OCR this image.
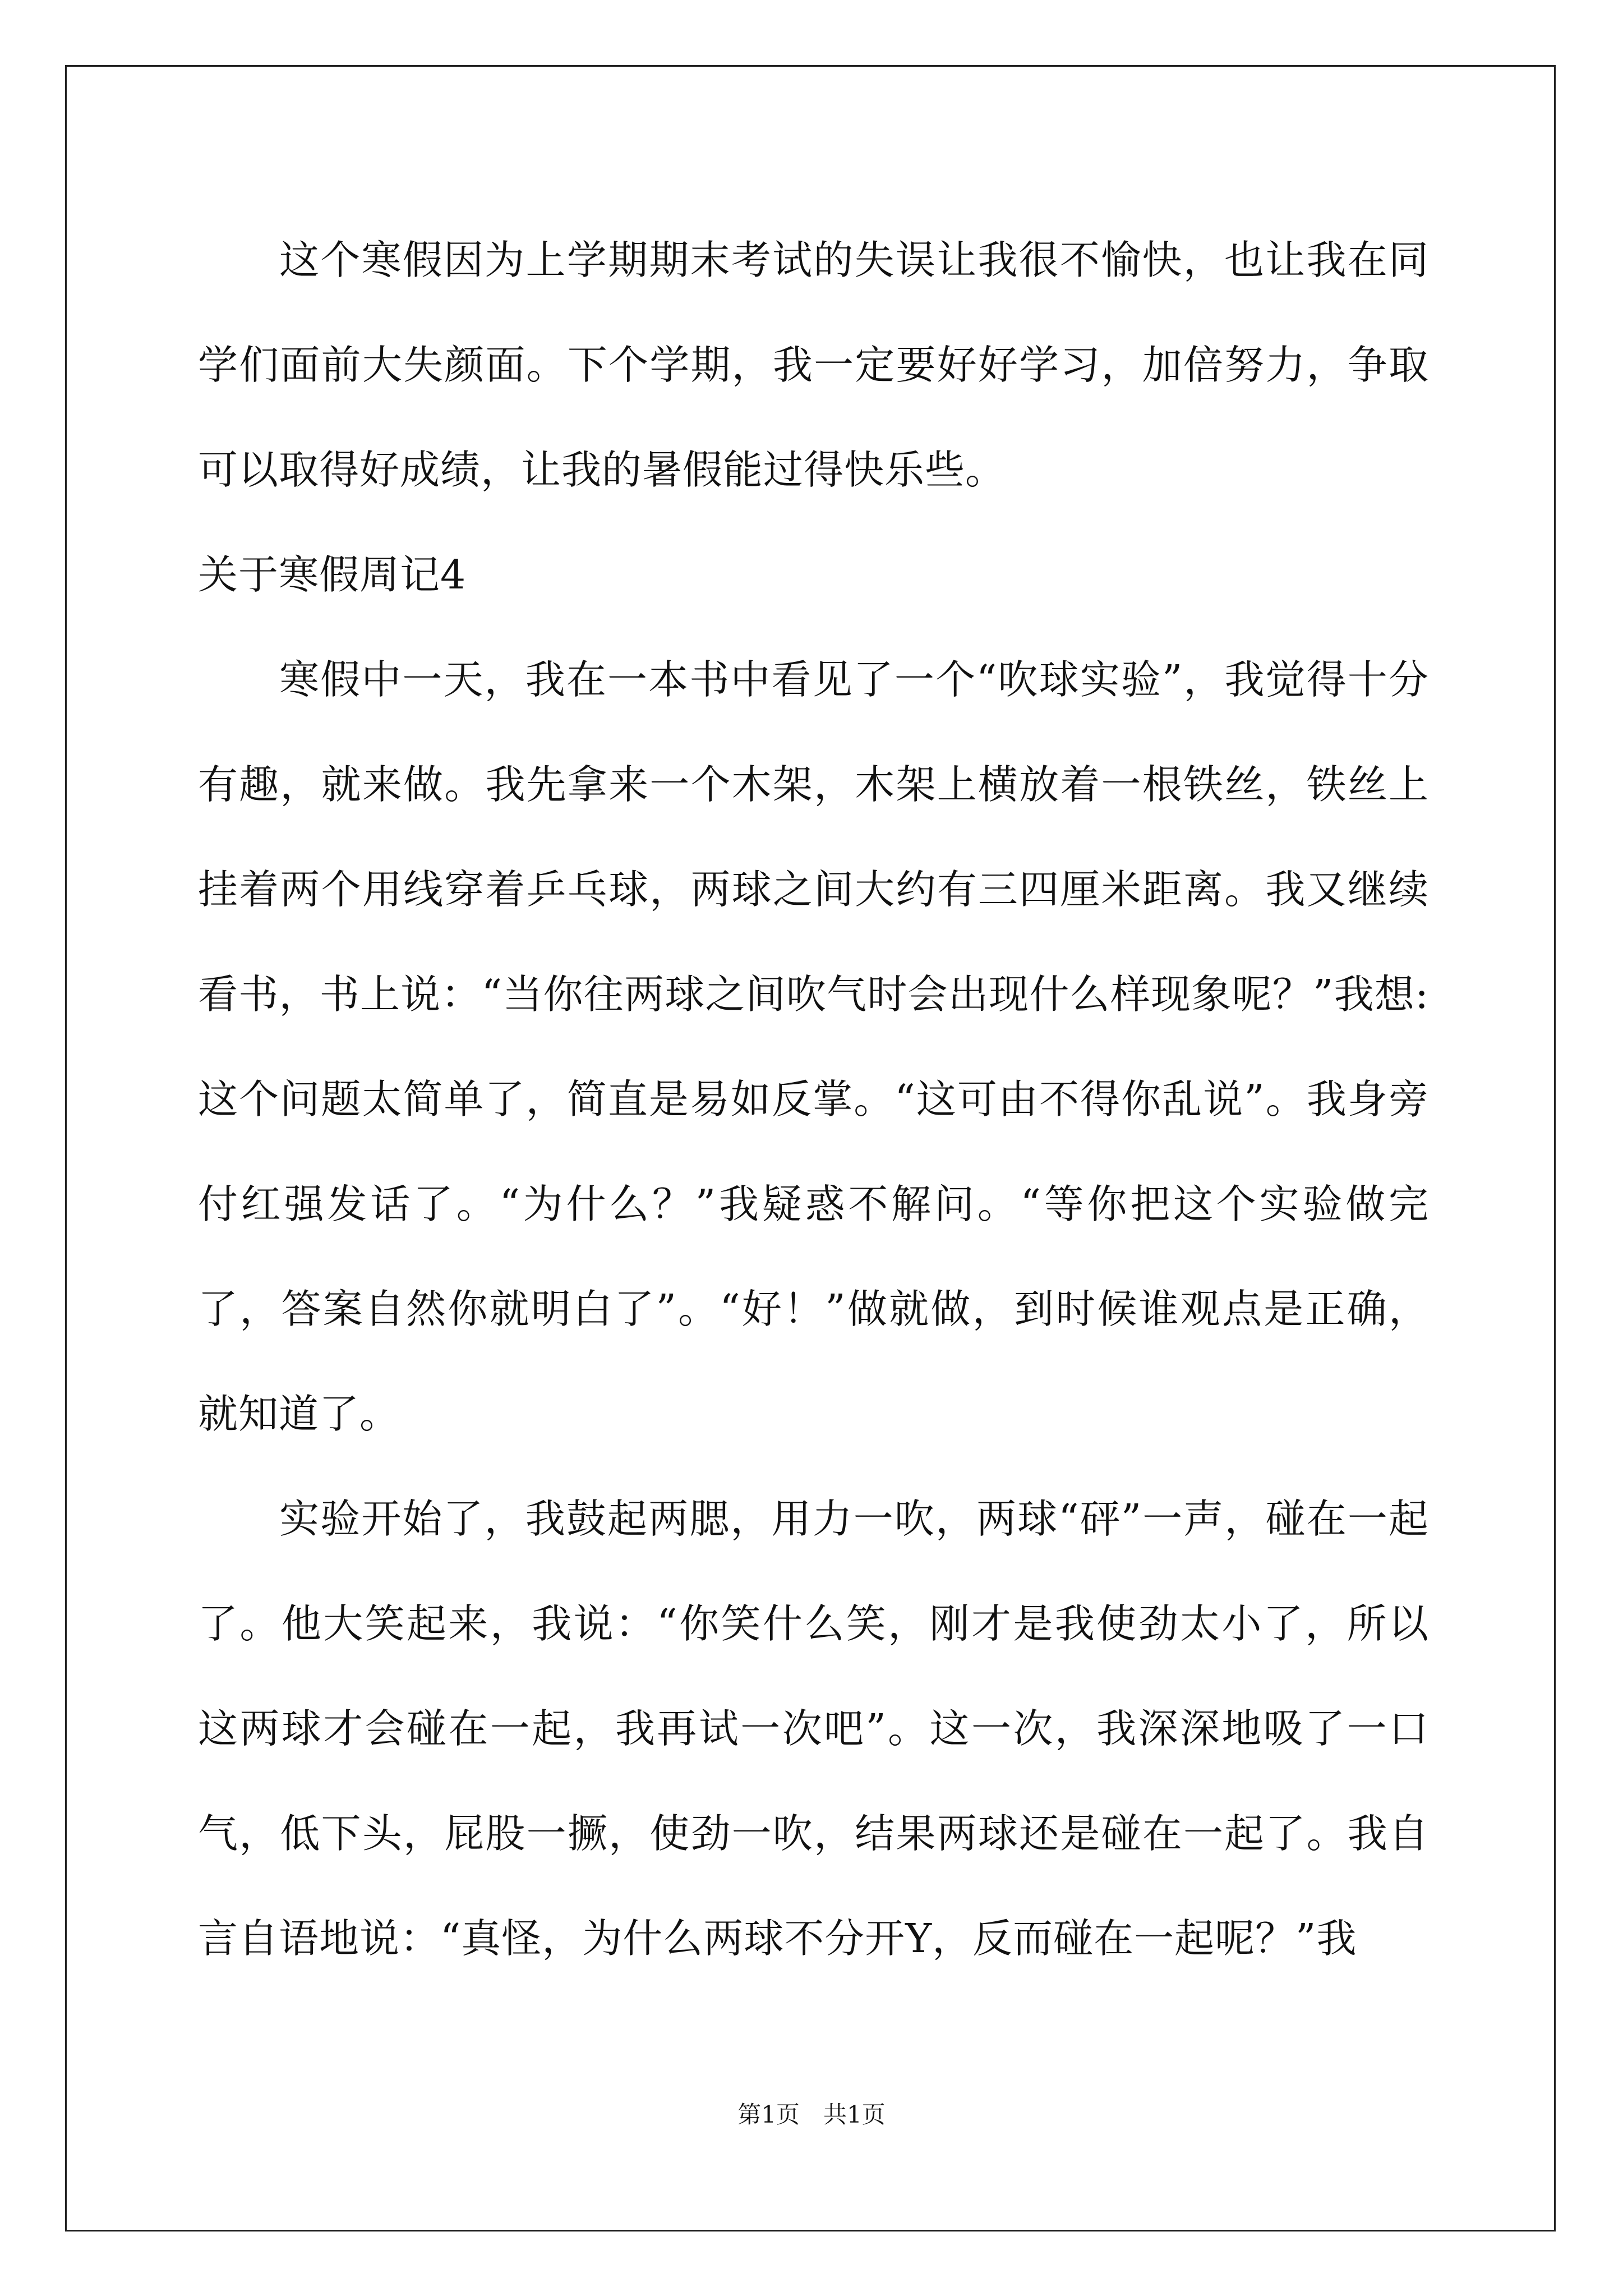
这个寒假因为上学期期末考试的失误让我很不愉快，也让我在同学们面前大失颜面。下个学期，我一定要好好学习，加倍努力，争取可以取得好成绩，让我的暑假能过得快乐些。

关于寒假周记4

寒假中一天，我在一本书中看见了一个“吹球实验”，我觉得十分有趣，就来做。我先拿来一个木架，木架上横放着一根铁丝，铁丝上挂着两个用线穿着乒乓球，两球之间大约有三四厘米距离。我又继续看书，书上说：“当你往两球之间吹气时会出现什么样现象呢？”我想:这个问题太简单了，简直是易如反掌。“这可由不得你乱说”。我身旁付红强发话了。“为什么？”我疑惑不解问。“等你把这个实验做完了，答案自然你就明白了”。“好！”做就做，到时候谁观点是正确，就知道了。

实验开始了，我鼓起两腮，用力一吹，两球“砰”一声，碰在一起了。他大笑起来，我说：“你笑什么笑，刚才是我使劲太小了，所以这两球才会碰在一起，我再试一次吧”。这一次，我深深地吸了一口气，低下头，屁股一撅，使劲一吹，结果两球还是碰在一起了。我自言自语地说：“真怪，为什么两球不分开Y，反而碰在一起呢？”我

第1页 共1页
